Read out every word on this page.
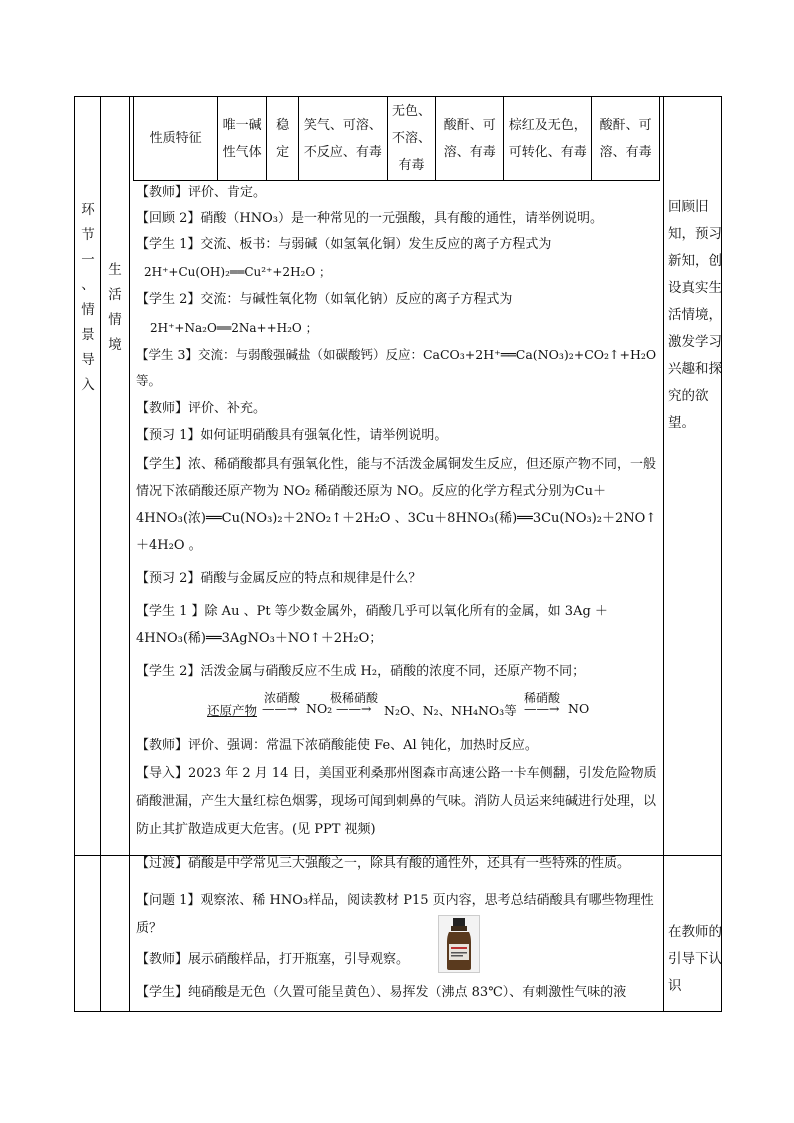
环
节
一
、
情
景
导
入
生
活
情
境
性质特征	唯一碱性气体	稳定	笑气、可溶、不反应、有毒	无色、不溶、有毒	酸酐、可溶、有毒	棕红及无色，可转化、有毒	酸酐、可溶、有毒
【教师】评价、肯定。
【回顾 2】硝酸（HNO₃）是一种常见的一元强酸，具有酸的通性，请举例说明。
【学生 1】交流、板书：与弱碱（如氢氧化铜）发生反应的离子方程式为
2H⁺+Cu(OH)₂══Cu²⁺+2H₂O ；
【学生 2】交流：与碱性氧化物（如氧化钠）反应的离子方程式为
2H⁺+Na₂O══2Na++H₂O ；
【学生 3】交流：与弱酸强碱盐（如碳酸钙）反应：CaCO₃+2H⁺══Ca(NO₃)₂+CO₂↑+H₂O 等。
【教师】评价、补充。
【预习 1】如何证明硝酸具有强氧化性，请举例说明。
【学生】浓、稀硝酸都具有强氧化性，能与不活泼金属铜发生反应，但还原产物不同，一般情况下浓硝酸还原产物为 NO₂ 稀硝酸还原为 NO。反应的化学方程式分别为Cu＋4HNO₃(浓)══Cu(NO₃)₂＋2NO₂↑＋2H₂O 、3Cu＋8HNO₃(稀)══3Cu(NO₃)₂＋2NO↑＋4H₂O 。
【预习 2】硝酸与金属反应的特点和规律是什么？
【学生 1 】除 Au 、Pt 等少数金属外，硝酸几乎可以氧化所有的金属，如 3Ag ＋ 4HNO₃(稀)══3AgNO₃＋NO↑＋2H₂O；
【学生 2】活泼金属与硝酸反应不生成 H₂，硝酸的浓度不同，还原产物不同；
还原产物
浓硝酸
——→ NO₂
极稀硝酸
——→ N₂O、N₂、NH₄NO₃等
稀硝酸
——→ NO
【教师】评价、强调：常温下浓硝酸能使 Fe、Al 钝化，加热时反应。
【导入】2023 年 2 月 14 日，美国亚利桑那州图森市高速公路一卡车侧翻，引发危险物质硝酸泄漏，产生大量红棕色烟雾，现场可闻到刺鼻的气味。消防人员运来纯碱进行处理，以防止其扩散造成更大危害。(见 PPT 视频)
【过渡】硝酸是中学常见三大强酸之一，除具有酸的通性外，还具有一些特殊的性质。
【问题 1】观察浓、稀 HNO₃样品，阅读教材 P15 页内容，思考总结硝酸具有哪些物理性质？
【教师】展示硝酸样品，打开瓶塞，引导观察。
【学生】纯硝酸是无色（久置可能呈黄色）、易挥发（沸点 83℃）、有刺激性气味的液
回顾旧知，预习新知，创设真实生活情境，激发学习兴趣和探究的欲望。
在教师的引导下认识
